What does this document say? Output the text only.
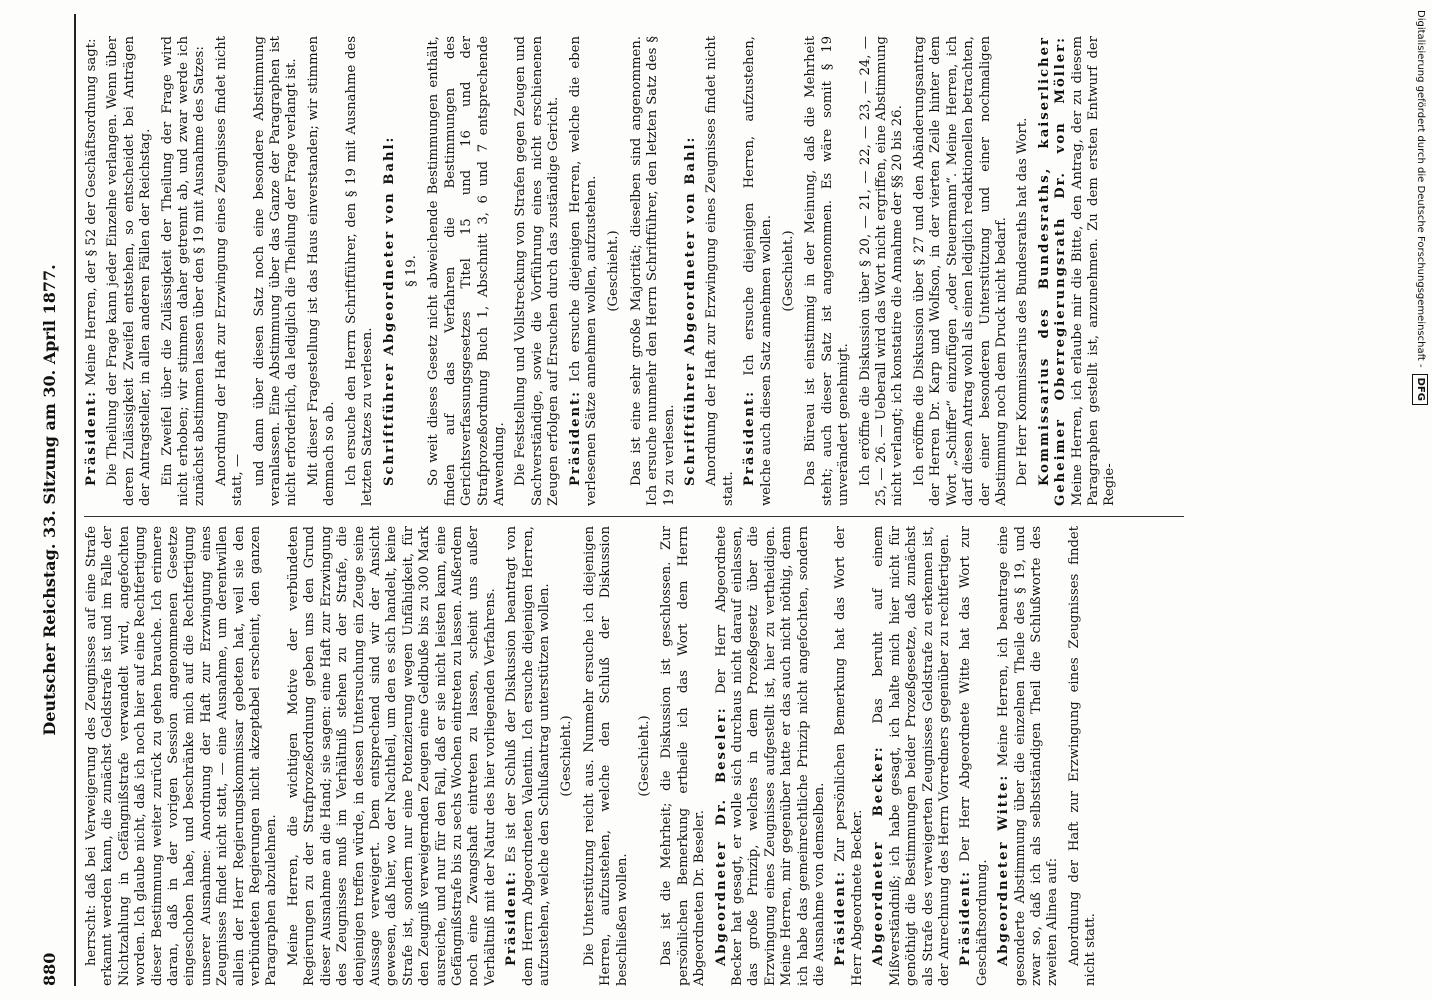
880
Deutscher Reichstag. 33. Sitzung am 30. April 1877.

herrscht: daß bei Verweigerung des Zeugnisses auf eine Strafe erkannt werden kann, die zunächst Geldstrafe ist und im Falle der Nichtzahlung in Gefängnißstrafe verwandelt wird, angefochten worden. Ich glaube nicht, daß ich noch hier auf eine Rechtfertigung dieser Bestimmung weiter zurück zu gehen brauche. Ich erinnere daran, daß in der vorigen Session angenommenen Gesetze eingeschoben habe, und beschränke mich auf die Rechtfertigung unserer Ausnahme: Anordnung der Haft zur Erzwingung eines Zeugnisses findet nicht statt, — eine Ausnahme, um derentwillen allein der Herr Regierungskommissar gebeten hat, weil sie den verbündeten Regierungen nicht akzeptabel erscheint, den ganzen Paragraphen abzulehnen. Meine Herren, die wichtigen Motive der verbündeten Regierungen zu der Strafprozeßordnung geben uns den Grund dieser Ausnahme an die Hand; sie sagen: eine Haft zur Erzwingung des Zeugnisses muß im Verhältniß stehen zu der Strafe, die denjenigen treffen würde, in dessen Untersuchung ein Zeuge seine Aussage verweigert. Dem entsprechend sind wir der Ansicht gewesen, daß hier, wo der Nachtheil, um den es sich handelt, keine Strafe ist, sondern nur eine Potenzierung wegen Unfähigkeit, für den Zeugniß verweigernden Zeugen eine Geldbuße bis zu 300 Mark ausreiche, und nur für den Fall, daß er sie nicht leisten kann, eine Gefängnißstrafe bis zu sechs Wochen eintreten zu lassen. Außerdem noch eine Zwangshaft eintreten zu lassen, scheint uns außer Verhältniß mit der Natur des hier vorliegenden Verfahrens. Präsident: Es ist der Schluß der Diskussion beantragt von dem Herrn Abgeordneten Valentin. Ich ersuche diejenigen Herren, aufzustehen, welche den Schlußantrag unterstützen wollen. (Geschieht.) Die Unterstützung reicht aus. Nunmehr ersuche ich diejenigen Herren, aufzustehen, welche den Schluß der Diskussion beschließen wollen.

(Geschieht.) Das ist die Mehrheit; die Diskussion ist geschlossen. Zur persönlichen Bemerkung ertheile ich das Wort dem Herrn Abgeordneten Dr. Beseler. Abgeordneter Dr. Beseler: Der Herr Abgeordnete Becker hat gesagt, er wolle sich durchaus nicht darauf einlassen, das große Prinzip, welches in dem Prozeßgesetz über die Erzwingung eines Zeugnisses aufgestellt ist, hier zu vertheidigen. Meine Herren, mir gegenüber hatte er das auch nicht nöthig, denn ich habe das gemeinrechtliche Prinzip nicht angefochten, sondern die Ausnahme von demselben. Präsident: Zur persönlichen Bemerkung hat das Wort der Herr Abgeordnete Becker. Abgeordneter Becker: Das beruht auf einem Mißverständniß; ich habe gesagt, ich halte mich hier nicht für genöthigt die Bestimmungen beider Prozeßgesetze, daß zunächst als Strafe des verweigerten Zeugnisses Geldstrafe zu erkennen ist, der Anrechnung des Herrn Vorredners gegenüber zu rechtfertigen. Präsident: Der Herr Abgeordnete Witte hat das Wort zur Geschäftsordnung. Abgeordneter Witte: Meine Herren, ich beantrage eine gesonderte Abstimmung über die einzelnen Theile des § 19, und zwar so, daß ich als selbstständigen Theil die Schlußworte des zweiten Alinea auf: Anordnung der Haft zur Erzwingung eines Zeugnisses findet nicht statt.

Präsident: Meine Herren, der § 52 der Geschäftsordnung sagt: Die Theilung der Frage kann jeder Einzelne verlangen. Wenn über deren Zulässigkeit Zweifel entstehen, so entscheidet bei Anträgen der Antragsteller, in allen anderen Fällen der Reichstag. Ein Zweifel über die Zulässigkeit der Theilung der Frage wird nicht erhoben; wir stimmen daher getrennt ab, und zwar werde ich zunächst abstimmen lassen über den § 19 mit Ausnahme des Satzes: Anordnung der Haft zur Erzwingung eines Zeugnisses findet nicht statt, — und dann über diesen Satz noch eine besondere Abstimmung veranlassen. Eine Abstimmung über das Ganze der Paragraphen ist nicht erforderlich, da lediglich die Theilung der Frage verlangt ist. Mit dieser Fragestellung ist das Haus einverstanden; wir stimmen demnach so ab. Ich ersuche den Herrn Schriftführer, den § 19 mit Ausnahme des letzten Satzes zu verlesen. Schriftführer Abgeordneter von Bahl: § 19. So weit dieses Gesetz nicht abweichende Bestimmungen enthält, finden auf das Verfahren die Bestimmungen des Gerichtsverfassungsgesetzes Titel 15 und 16 und der Strafprozeßordnung Buch 1, Abschnitt 3, 6 und 7 entsprechende Anwendung. Die Feststellung und Vollstreckung von Strafen gegen Zeugen und Sachverständige, sowie die Vorführung eines nicht erschienenen Zeugen erfolgen auf Ersuchen durch das zuständige Gericht. Präsident: Ich ersuche diejenigen Herren, welche die eben verlesenen Sätze annehmen wollen, aufzustehen. (Geschieht.) Das ist eine sehr große Majorität; dieselben sind angenommen. Ich ersuche nunmehr den Herrn Schriftführer, den letzten Satz des § 19 zu verlesen. Schriftführer Abgeordneter von Bahl: Anordnung der Haft zur Erzwingung eines Zeugnisses findet nicht statt.

Präsident: Ich ersuche diejenigen Herren, aufzustehen, welche auch diesen Satz annehmen wollen. (Geschieht.) Das Büreau ist einstimmig in der Meinung, daß die Mehrheit steht; auch dieser Satz ist angenommen. Es wäre somit § 19 unverändert genehmigt. Ich eröffne die Diskussion über § 20, — 21, — 22, — 23, — 24, — 25, — 26. — Ueberall wird das Wort nicht ergriffen, eine Abstimmung nicht verlangt; ich konstatire die Annahme der §§ 20 bis 26. Ich eröffne die Diskussion über § 27 und den Abänderungsantrag der Herren Dr. Karp und Wolfson, in der vierten Zeile hinter dem Wort „Schiffer“ einzufügen „oder Steuermann“. Meine Herren, ich darf diesen Antrag wohl als einen lediglich redaktionellen betrachten, der einer besonderen Unterstützung und einer nochmaligen Abstimmung noch dem Druck nicht bedarf. Der Herr Kommissarius des Bundesraths hat das Wort. Kommissarius des Bundesraths, kaiserlicher Geheimer Oberregierungsrath Dr. von Möller: Meine Herren, ich erlaube mir die Bitte, den Antrag, der zu diesem Paragraphen gestellt ist, anzunehmen. Zu dem ersten Entwurf der Regie-

Digitalisierung gefördert durch die Deutsche Forschungsgemeinschaft -DFG
